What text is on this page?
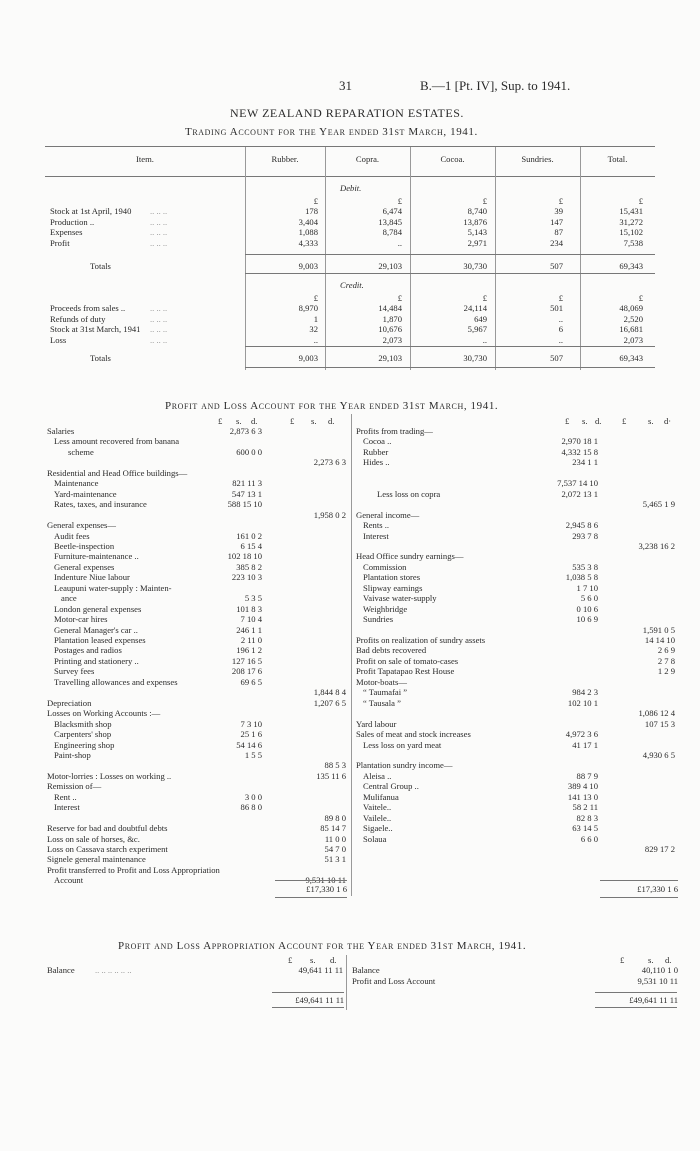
31	B.—1 [Pt. IV], Sup. to 1941.
NEW ZEALAND REPARATION ESTATES.
Trading Account for the Year ended 31st March, 1941.
Item.	Rubber.	Copra.	Cocoa.	Sundries.	Total.
Debit.
£	£	£	£	£
Stock at 1st April, 1940 .. .. ..	178	6,474	8,740	39	15,431
Production ..	.. .. ..	3,404	13,845	13,876	147	31,272
Expenses	.. .. ..	1,088	8,784	5,143	87	15,102
Profit	.. .. ..	4,333	..	2,971	234	7,538
Totals	9,003	29,103	30,730	507	69,343
Credit.
£	£	£	£	£
Proceeds from sales ..	.. .. ..	8,970	14,484	24,114	501	48,069
Refunds of duty	.. .. ..	1	1,870	649	..	2,520
Stock at 31st March, 1941 .. .. ..	32	10,676	5,967	6	16,681
Loss	.. .. ..	..	2,073	..	..	2,073
Totals	9,003	29,103	30,730	507	69,343
Profit and Loss Account for the Year ended 31st March, 1941.
£ s. d.	£ s. d.	£ s. d. £	s. d·
Salaries	2,873 6 3
Less amount recovered from banana
scheme	600 0 0
2,273 6 3
Residential and Head Office buildings—
Maintenance	821 11 3
Yard-maintenance	547 13 1
Rates, taxes, and insurance	588 15 10
1,958 0 2
General expenses—
Audit fees	161 0 2
Beetle-inspection	6 15 4
Furniture-maintenance ..	102 18 10
General expenses	385 8 2
Indenture Niue labour	223 10 3
Leaupuni water-supply : Mainten-
ance	5 3 5
London general expenses	101 8 3
Motor-car hires	7 10 4
General Manager's car ..	246 1 1
Plantation leased expenses	2 11 0
Postages and radios	196 1 2
Printing and stationery ..	127 16 5
Survey fees	208 17 6
Travelling allowances and expenses	69 6 5
1,844 8 4
Depreciation	1,207 6 5
Losses on Working Accounts :—
Blacksmith shop	7 3 10
Carpenters' shop	25 1 6
Engineering shop	54 14 6
Paint-shop	1 5 5
88 5 3
Motor-lorries : Losses on working ..	135 11 6
Remission of—
Rent ..	3 0 0
Interest	86 8 0
89 8 0
Reserve for bad and doubtful debts	85 14 7
Loss on sale of horses, &c.	11 0 0
Loss on Cassava starch experiment	54 7 0
Signele general maintenance	51 3 1
Profit transferred to Profit and Loss Appropriation
Account	9,531 10 11
Profits from trading—
Cocoa ..	2,970 18 1
Rubber	4,332 15 8
Hides ..	234 1 1
7,537 14 10
Less loss on copra	2,072 13 1
5,465 1 9
General income—
Rents ..	2,945 8 6
Interest	293 7 8
3,238 16 2
Head Office sundry earnings—
Commission	535 3 8
Plantation stores	1,038 5 8
Slipway earnings	1 7 10
Vaivase water-supply	5 6 0
Weighbridge	0 10 6
Sundries	10 6 9
1,591 0 5
Profits on realization of sundry assets	14 14 10
Bad debts recovered	2 6 9
Profit on sale of tomato-cases	2 7 8
Profit Tapatapao Rest House	1 2 9
Motor-boats—
“ Taumafai ”	984 2 3
“ Tausala ”	102 10 1
1,086 12 4
Yard labour	107 15 3
Sales of meat and stock increases	4,972 3 6
Less loss on yard meat	41 17 1
4,930 6 5
Plantation sundry income—
Aleisa ..	88 7 9
Central Group ..	389 4 10
Mulifanua	141 13 0
Vaitele..	58 2 11
Vailele..	82 8 3
Sigaele..	63 14 5
Solaua	6 6 0
829 17 2
£17,330 1 6	£17,330 1 6
Profit and Loss Appropriation Account for the Year ended 31st March, 1941.
£ s. d.	£	s. d.
Balance .. .. .. .. .. ..	49,641 11 11 Balance	40,110 1 0
Profit and Loss Account	9,531 10 11
£49,641 11 11	£49,641 11 11
